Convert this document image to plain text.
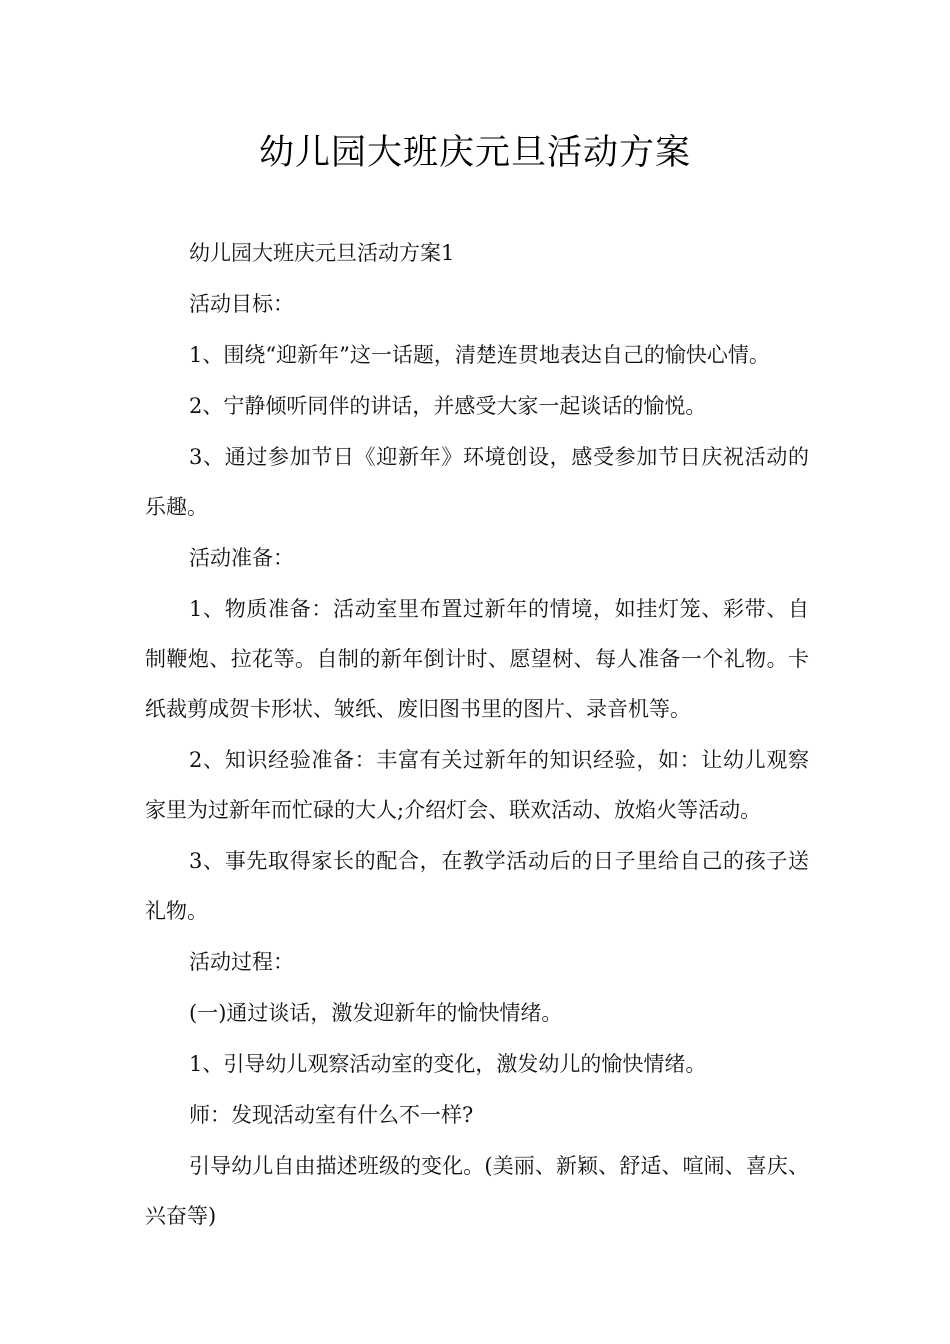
幼儿园大班庆元旦活动方案

幼儿园大班庆元旦活动方案1

活动目标：

1、围绕“迎新年”这一话题，清楚连贯地表达自己的愉快心情。

2、宁静倾听同伴的讲话，并感受大家一起谈话的愉悦。

3、通过参加节日《迎新年》环境创设，感受参加节日庆祝活动的乐趣。

活动准备：

1、物质准备：活动室里布置过新年的情境，如挂灯笼、彩带、自制鞭炮、拉花等。自制的新年倒计时、愿望树、每人准备一个礼物。卡纸裁剪成贺卡形状、皱纸、废旧图书里的图片、录音机等。

2、知识经验准备：丰富有关过新年的知识经验，如：让幼儿观察家里为过新年而忙碌的大人;介绍灯会、联欢活动、放焰火等活动。

3、事先取得家长的配合，在教学活动后的日子里给自己的孩子送礼物。

活动过程：

(一)通过谈话，激发迎新年的愉快情绪。

1、引导幼儿观察活动室的变化，激发幼儿的愉快情绪。

师：发现活动室有什么不一样?

引导幼儿自由描述班级的变化。(美丽、新颖、舒适、喧闹、喜庆、兴奋等)
